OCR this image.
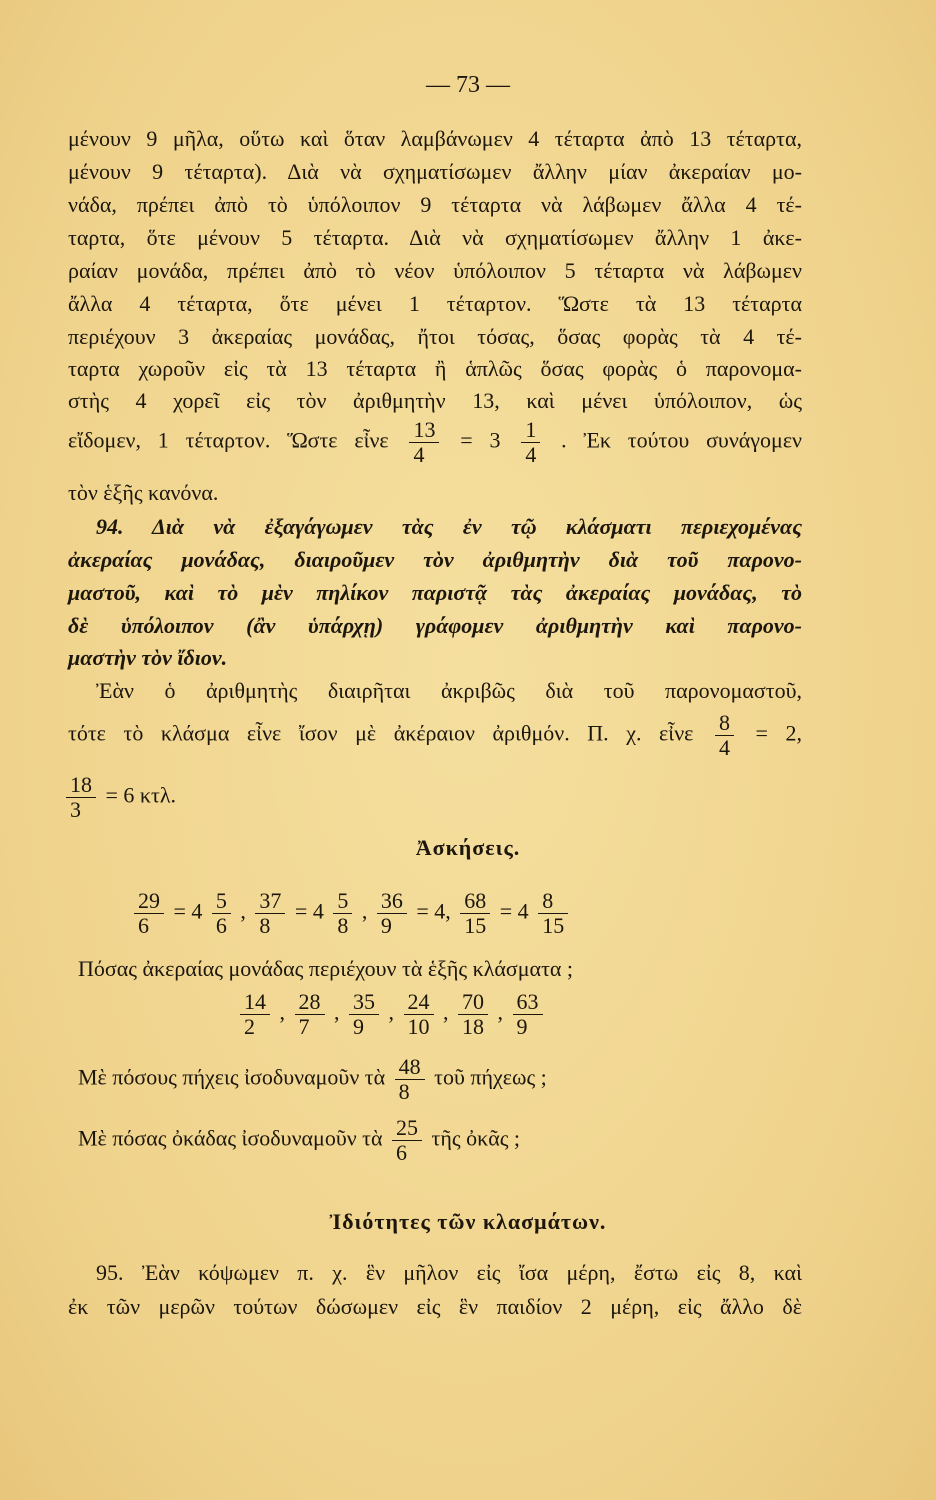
— 73 —
μένουν 9 μῆλα, οὕτω καὶ ὅταν λαμβάνωμεν 4 τέταρτα ἀπὸ 13 τέταρτα,
μένουν 9 τέταρτα). Διὰ νὰ σχηματίσωμεν ἄλλην μίαν ἀκεραίαν μο-
νάδα, πρέπει ἀπὸ τὸ ὑπόλοιπον 9 τέταρτα νὰ λάβωμεν ἄλλα 4 τέ-
ταρτα, ὅτε μένουν 5 τέταρτα. Διὰ νὰ σχηματίσωμεν ἄλλην 1 ἀκε-
ραίαν μονάδα, πρέπει ἀπὸ τὸ νέον ὑπόλοιπον 5 τέταρτα νὰ λάβωμεν
ἄλλα 4 τέταρτα, ὅτε μένει 1 τέταρτον. Ὥστε τὰ 13 τέταρτα
περιέχουν 3 ἀκεραίας μονάδας, ἤτοι τόσας, ὅσας φορὰς τὰ 4 τέ-
ταρτα χωροῦν εἰς τὰ 13 τέταρτα ἢ ἁπλῶς ὅσας φορὰς ὁ παρονομα-
στὴς 4 χορεῖ εἰς τὸν ἀριθμητὴν 13, καὶ μένει ὑπόλοιπον, ὡς
εἴδομεν, 1 τέταρτον. Ὥστε εἶνε $\frac{13}{4} = 3 \frac{1}{4}$ . Ἐκ τούτου συνάγομεν
τὸν ἑξῆς κανόνα.
94. Διὰ νὰ ἐξαγάγωμεν τὰς ἐν τῷ κλάσματι περιεχομένας
ἀκεραίας μονάδας, διαιροῦμεν τὸν ἀριθμητὴν διὰ τοῦ παρονο-
μαστοῦ, καὶ τὸ μὲν πηλίκον παριστᾷ τὰς ἀκεραίας μονάδας, τὸ
δὲ ὑπόλοιπον (ἂν ὑπάρχῃ) γράφομεν ἀριθμητὴν καὶ παρονο-
μαστὴν τὸν ἴδιον.
Ἐὰν ὁ ἀριθμητὴς διαιρῆται ἀκριβῶς διὰ τοῦ παρονομαστοῦ,
τότε τὸ κλάσμα εἶνε ἴσον μὲ ἀκέραιον ἀριθμόν. Π. χ. εἶνε $\frac{8}{4} = 2$,
$\frac{18}{3} = 6$ κτλ.
Ἀσκήσεις.
$\frac{29}{6} = 4 \frac{5}{6}$ , $\frac{37}{8} = 4 \frac{5}{8}$ , $\frac{36}{9} = 4$, $\frac{68}{15} = 4 \frac{8}{15}$
Πόσας ἀκεραίας μονάδας περιέχουν τὰ ἑξῆς κλάσματα ;
$\frac{14}{2}$ , $\frac{28}{7}$ , $\frac{35}{9}$ , $\frac{24}{10}$ , $\frac{70}{18}$ , $\frac{63}{9}$
Μὲ πόσους πήχεις ἰσοδυναμοῦν τὰ $\frac{48}{8}$ τοῦ πήχεως ;
Μὲ πόσας ὀκάδας ἰσοδυναμοῦν τὰ $\frac{25}{6}$ τῆς ὀκᾶς ;
Ἰδιότητες τῶν κλασμάτων.
95. Ἐὰν κόψωμεν π. χ. ἓν μῆλον εἰς ἴσα μέρη, ἔστω εἰς 8, καὶ
ἐκ τῶν μερῶν τούτων δώσωμεν εἰς ἓν παιδίον 2 μέρη, εἰς ἄλλο δὲ
